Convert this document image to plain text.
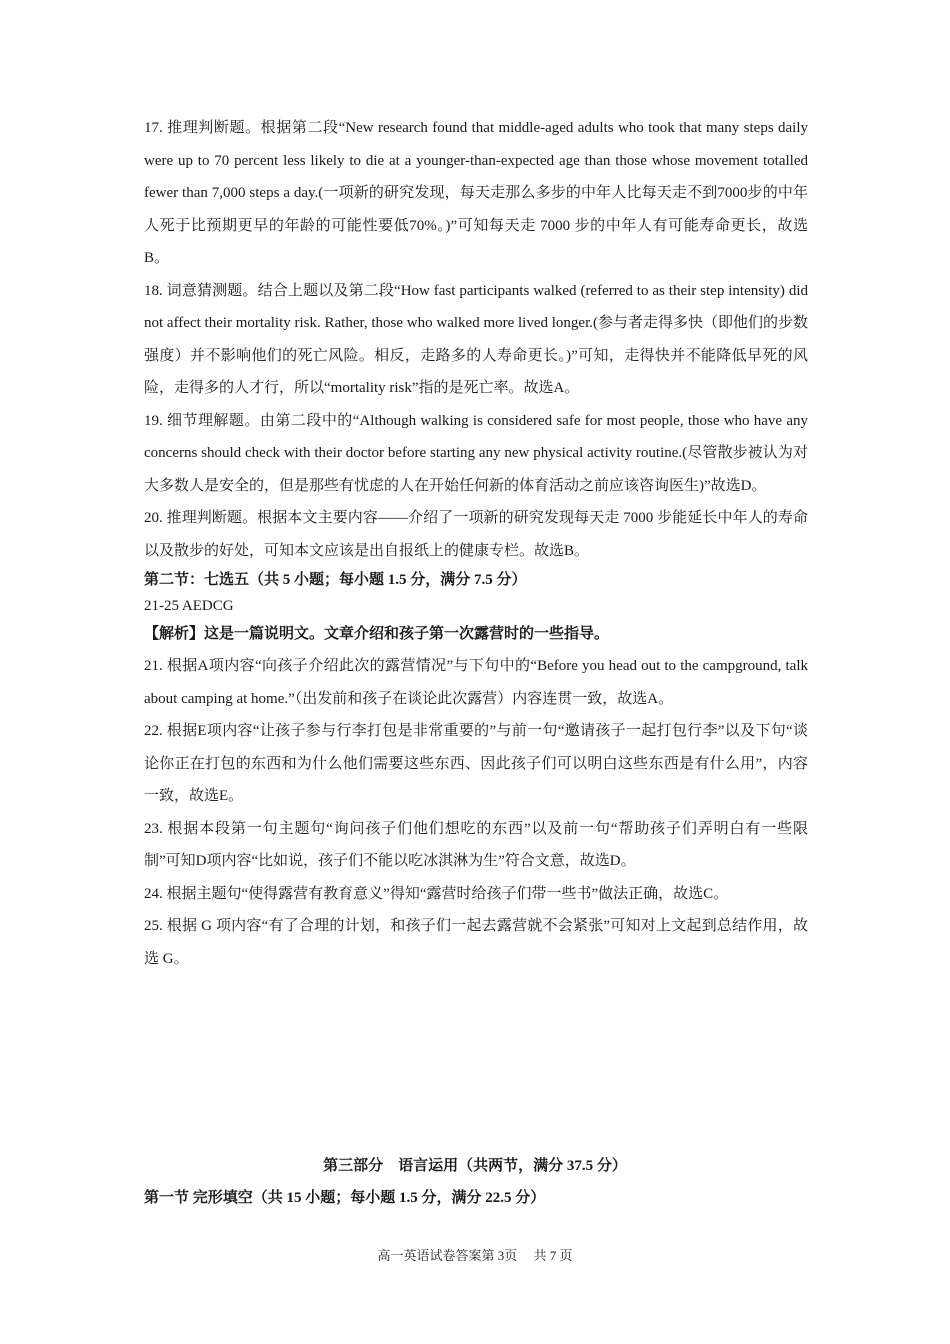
17. 推理判断题。根据第二段“New research found that middle-aged adults who took that many steps daily were up to 70 percent less likely to die at a younger-than-expected age than those whose movement totalled fewer than 7,000 steps a day.(一项新的研究发现，每天走那么多步的中年人比每天走不到7000步的中年人死于比预期更早的年龄的可能性要低70%。)”可知每天走 7000 步的中年人有可能寿命更长，故选B。

18. 词意猜测题。结合上题以及第二段“How fast participants walked (referred to as their step intensity) did not affect their mortality risk. Rather, those who walked more lived longer.(参与者走得多快（即他们的步数强度）并不影响他们的死亡风险。相反，走路多的人寿命更长。)”可知，走得快并不能降低早死的风险，走得多的人才行，所以“mortality risk”指的是死亡率。故选A。

19. 细节理解题。由第二段中的“Although walking is considered safe for most people, those who have any concerns should check with their doctor before starting any new physical activity routine.(尽管散步被认为对大多数人是安全的，但是那些有忧虑的人在开始任何新的体育活动之前应该咨询医生)”故选D。

20. 推理判断题。根据本文主要内容——介绍了一项新的研究发现每天走 7000 步能延长中年人的寿命以及散步的好处，可知本文应该是出自报纸上的健康专栏。故选B。

第二节：七选五（共 5 小题；每小题 1.5 分，满分 7.5 分）

21-25 AEDCG

【解析】这是一篇说明文。文章介绍和孩子第一次露营时的一些指导。

21. 根据A项内容“向孩子介绍此次的露营情况”与下句中的“Before you head out to the campground, talk about camping at home.”（出发前和孩子在谈论此次露营）内容连贯一致，故选A。

22. 根据E项内容“让孩子参与行李打包是非常重要的”与前一句“邀请孩子一起打包行李”以及下句“谈论你正在打包的东西和为什么他们需要这些东西、因此孩子们可以明白这些东西是有什么用”，内容一致，故选E。

23. 根据本段第一句主题句“询问孩子们他们想吃的东西”以及前一句“帮助孩子们弄明白有一些限制”可知D项内容“比如说，孩子们不能以吃冰淇淋为生”符合文意，故选D。

24. 根据主题句“使得露营有教育意义”得知“露营时给孩子们带一些书”做法正确，故选C。

25. 根据 G 项内容“有了合理的计划，和孩子们一起去露营就不会紧张”可知对上文起到总结作用，故选 G。

第三部分　语言运用（共两节，满分 37.5 分）
第一节 完形填空（共 15 小题；每小题 1.5 分，满分 22.5 分）
高一英语试卷答案第 3页　 共 7 页
